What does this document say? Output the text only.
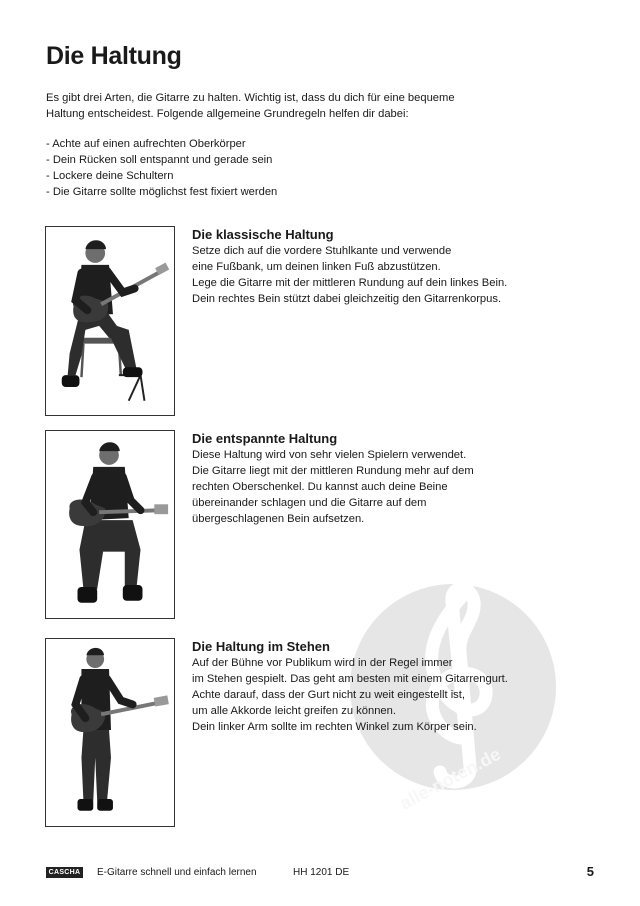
Die Haltung

Es gibt drei Arten, die Gitarre zu halten. Wichtig ist, dass du dich für eine bequeme Haltung entscheidest. Folgende allgemeine Grundregeln helfen dir dabei:

- Achte auf einen aufrechten Oberkörper
- Dein Rücken soll entspannt und gerade sein
- Lockere deine Schultern
- Die Gitarre sollte möglichst fest fixiert werden
alle-noten.de
Die klassische Haltung

Setze dich auf die vordere Stuhlkante und verwende

eine Fußbank, um deinen linken Fuß abzustützen.

Lege die Gitarre mit der mittleren Rundung auf dein linkes Bein.

Dein rechtes Bein stützt dabei gleichzeitig den Gitarrenkorpus.

Die entspannte Haltung

Diese Haltung wird von sehr vielen Spielern verwendet.

Die Gitarre liegt mit der mittleren Rundung mehr auf dem

rechten Oberschenkel. Du kannst auch deine Beine

übereinander schlagen und die Gitarre auf dem

übergeschlagenen Bein aufsetzen.

Die Haltung im Stehen

Auf der Bühne vor Publikum wird in der Regel immer

im Stehen gespielt. Das geht am besten mit einem Gitarrengurt.

Achte darauf, dass der Gurt nicht zu weit eingestellt ist,

um alle Akkorde leicht greifen zu können.

Dein linker Arm sollte im rechten Winkel zum Körper sein.

CASCHA E-Gitarre schnell und einfach lernen	HH 1201 DE	5
